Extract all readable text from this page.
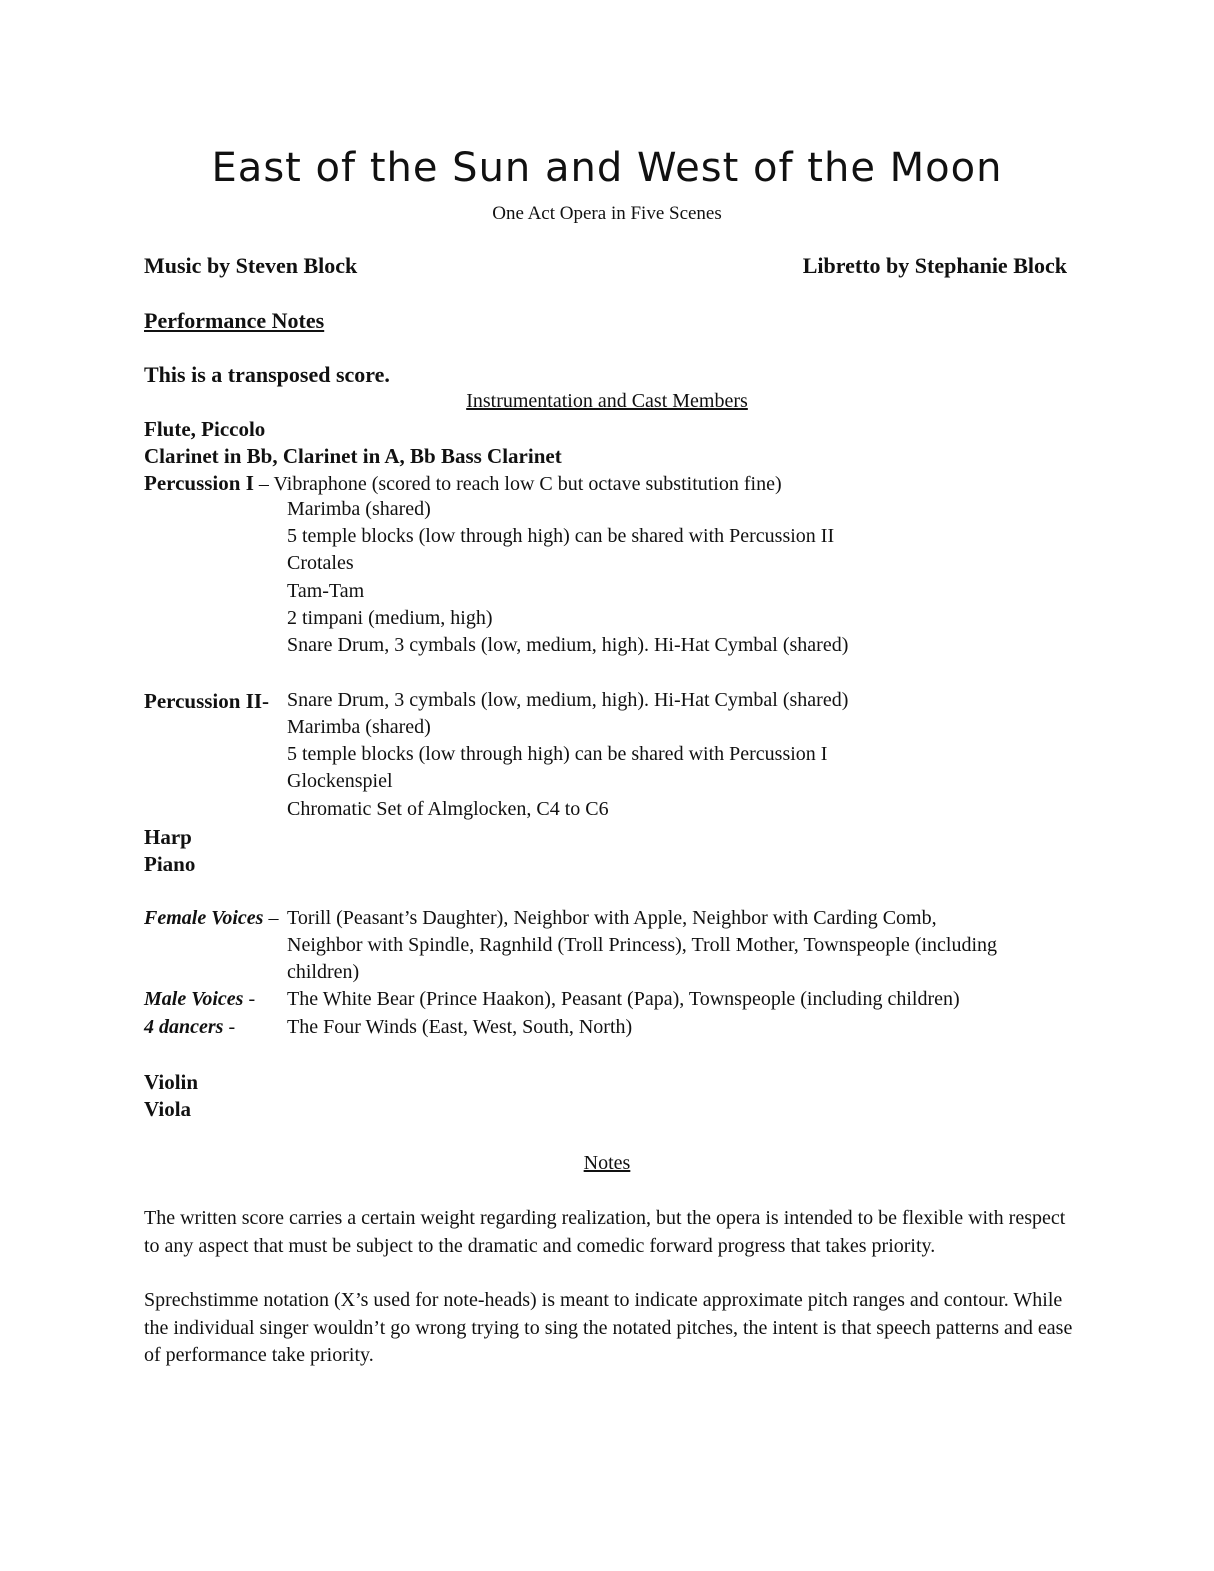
East of the Sun and West of the Moon
One Act Opera in Five Scenes
Music by Steven Block	Libretto by Stephanie Block
Performance Notes
This is a transposed score.
Instrumentation and Cast Members
Flute, Piccolo
Clarinet in Bb, Clarinet in A, Bb Bass Clarinet
Percussion I – Vibraphone (scored to reach low C but octave substitution fine)
Marimba (shared)
5 temple blocks (low through high) can be shared with Percussion II
Crotales
Tam-Tam
2 timpani (medium, high)
Snare Drum, 3 cymbals (low, medium, high). Hi-Hat Cymbal (shared)
Percussion II- Snare Drum, 3 cymbals (low, medium, high). Hi-Hat Cymbal (shared)
Marimba (shared)
5 temple blocks (low through high) can be shared with Percussion I
Glockenspiel
Chromatic Set of Almglocken, C4 to C6
Harp
Piano
Female Voices – Torill (Peasant’s Daughter), Neighbor with Apple, Neighbor with Carding Comb,
Neighbor with Spindle, Ragnhild (Troll Princess), Troll Mother, Townspeople (including
children)
Male Voices - The White Bear (Prince Haakon), Peasant (Papa), Townspeople (including children)
4 dancers -	The Four Winds (East, West, South, North)
Violin
Viola
Notes
The written score carries a certain weight regarding realization, but the opera is intended to be flexible with respect to any aspect that must be subject to the dramatic and comedic forward progress that takes priority.
Sprechstimme notation (X’s used for note-heads) is meant to indicate approximate pitch ranges and contour. While the individual singer wouldn’t go wrong trying to sing the notated pitches, the intent is that speech patterns and ease of performance take priority.
